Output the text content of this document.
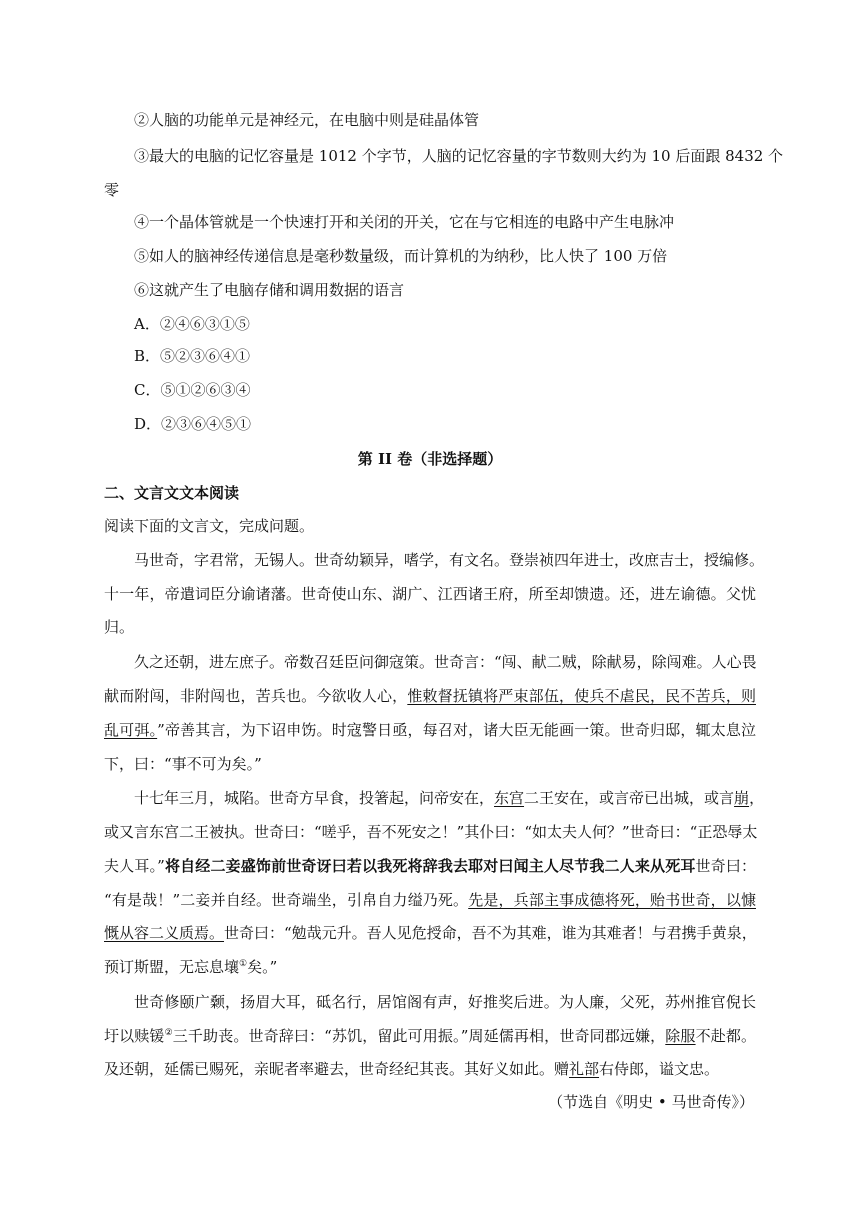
②人脑的功能单元是神经元，在电脑中则是硅晶体管
③最大的电脑的记忆容量是 1012 个字节，人脑的记忆容量的字节数则大约为 10 后面跟 8432 个
零
④一个晶体管就是一个快速打开和关闭的开关，它在与它相连的电路中产生电脉冲
⑤如人的脑神经传递信息是毫秒数量级，而计算机的为纳秒，比人快了 100 万倍
⑥这就产生了电脑存储和调用数据的语言
A．②④⑥③①⑤
B．⑤②③⑥④①
C．⑤①②⑥③④
D．②③⑥④⑤①
第 II 卷（非选择题）
二、文言文文本阅读
阅读下面的文言文，完成问题。
马世奇，字君常，无锡人。世奇幼颖异，嗜学，有文名。登崇祯四年进士，改庶吉士，授编修。
十一年，帝遣词臣分谕诸藩。世奇使山东、湖广、江西诸王府，所至却馈遗。还，进左谕德。父忧
归。
久之还朝，进左庶子。帝数召廷臣问御寇策。世奇言：“闯、献二贼，除献易，除闯难。人心畏
献而附闯，非附闯也，苦兵也。今欲收人心，惟敕督抚镇将严束部伍，使兵不虐民，民不苦兵，则
乱可弭。”帝善其言，为下诏申饬。时寇警日亟，每召对，诸大臣无能画一策。世奇归邸，辄太息泣
下，曰：“事不可为矣。”
十七年三月，城陷。世奇方早食，投箸起，问帝安在，东宫二王安在，或言帝已出城，或言崩，
或又言东宫二王被执。世奇曰：“嗟乎，吾不死安之！”其仆曰：“如太夫人何？”世奇曰：“正恐辱太
夫人耳。”将自经二妾盛饰前世奇讶曰若以我死将辞我去耶对曰闻主人尽节我二人来从死耳世奇曰：
“有是哉！”二妾并自经。世奇端坐，引帛自力缢乃死。先是，兵部主事成德将死，贻书世奇，以慷
慨从容二义质焉。世奇曰：“勉哉元升。吾人见危授命，吾不为其难，谁为其难者！与君携手黄泉，
预订斯盟，无忘息壤①矣。”
世奇修颐广颡，扬眉大耳，砥名行，居馆阁有声，好推奖后进。为人廉，父死，苏州推官倪长
圩以赎锾②三千助丧。世奇辞曰：“苏饥，留此可用振。”周延儒再相，世奇同郡远嫌，除服不赴都。
及还朝，延儒已赐死，亲昵者率避去，世奇经纪其丧。其好义如此。赠礼部右侍郎，谥文忠。
（节选自《明史 • 马世奇传》）
